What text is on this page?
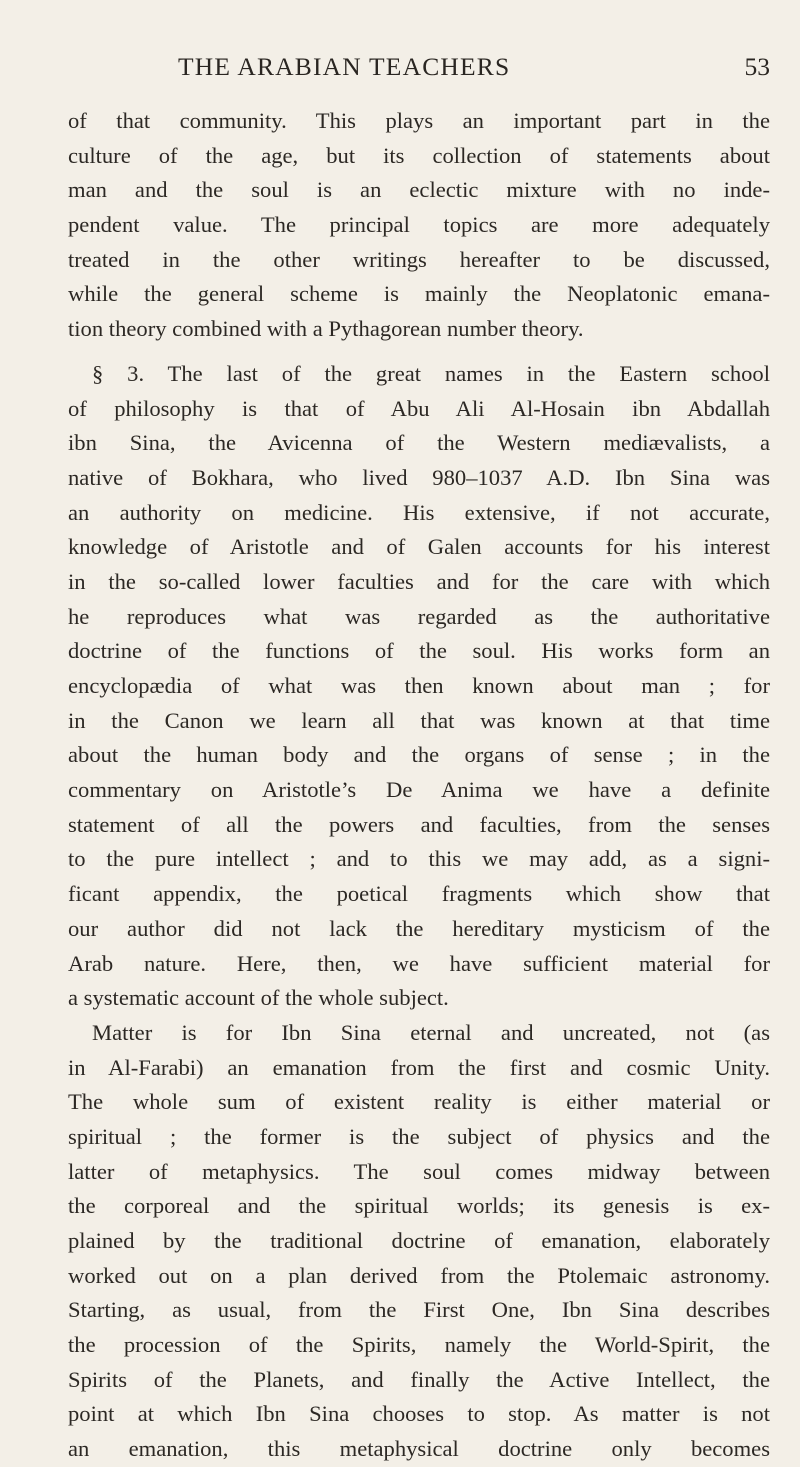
THE ARABIAN TEACHERS	53
of that community. This plays an important part in the
culture of the age, but its collection of statements about
man and the soul is an eclectic mixture with no inde-
pendent value. The principal topics are more adequately
treated in the other writings hereafter to be discussed,
while the general scheme is mainly the Neoplatonic emana-
tion theory combined with a Pythagorean number theory.
§ 3. The last of the great names in the Eastern school
of philosophy is that of Abu Ali Al-Hosain ibn Abdallah
ibn Sina, the Avicenna of the Western mediævalists, a
native of Bokhara, who lived 980–1037 A.D. Ibn Sina was
an authority on medicine. His extensive, if not accurate,
knowledge of Aristotle and of Galen accounts for his interest
in the so-called lower faculties and for the care with which
he reproduces what was regarded as the authoritative
doctrine of the functions of the soul. His works form an
encyclopædia of what was then known about man ; for
in the Canon we learn all that was known at that time
about the human body and the organs of sense ; in the
commentary on Aristotle’s De Anima we have a definite
statement of all the powers and faculties, from the senses
to the pure intellect ; and to this we may add, as a signi-
ficant appendix, the poetical fragments which show that
our author did not lack the hereditary mysticism of the
Arab nature. Here, then, we have sufficient material for
a systematic account of the whole subject.
Matter is for Ibn Sina eternal and uncreated, not (as
in Al-Farabi) an emanation from the first and cosmic Unity.
The whole sum of existent reality is either material or
spiritual ; the former is the subject of physics and the
latter of metaphysics. The soul comes midway between
the corporeal and the spiritual worlds; its genesis is ex-
plained by the traditional doctrine of emanation, elaborately
worked out on a plan derived from the Ptolemaic astronomy.
Starting, as usual, from the First One, Ibn Sina describes
the procession of the Spirits, namely the World-Spirit, the
Spirits of the Planets, and finally the Active Intellect, the
point at which Ibn Sina chooses to stop. As matter is not
an emanation, this metaphysical doctrine only becomes
